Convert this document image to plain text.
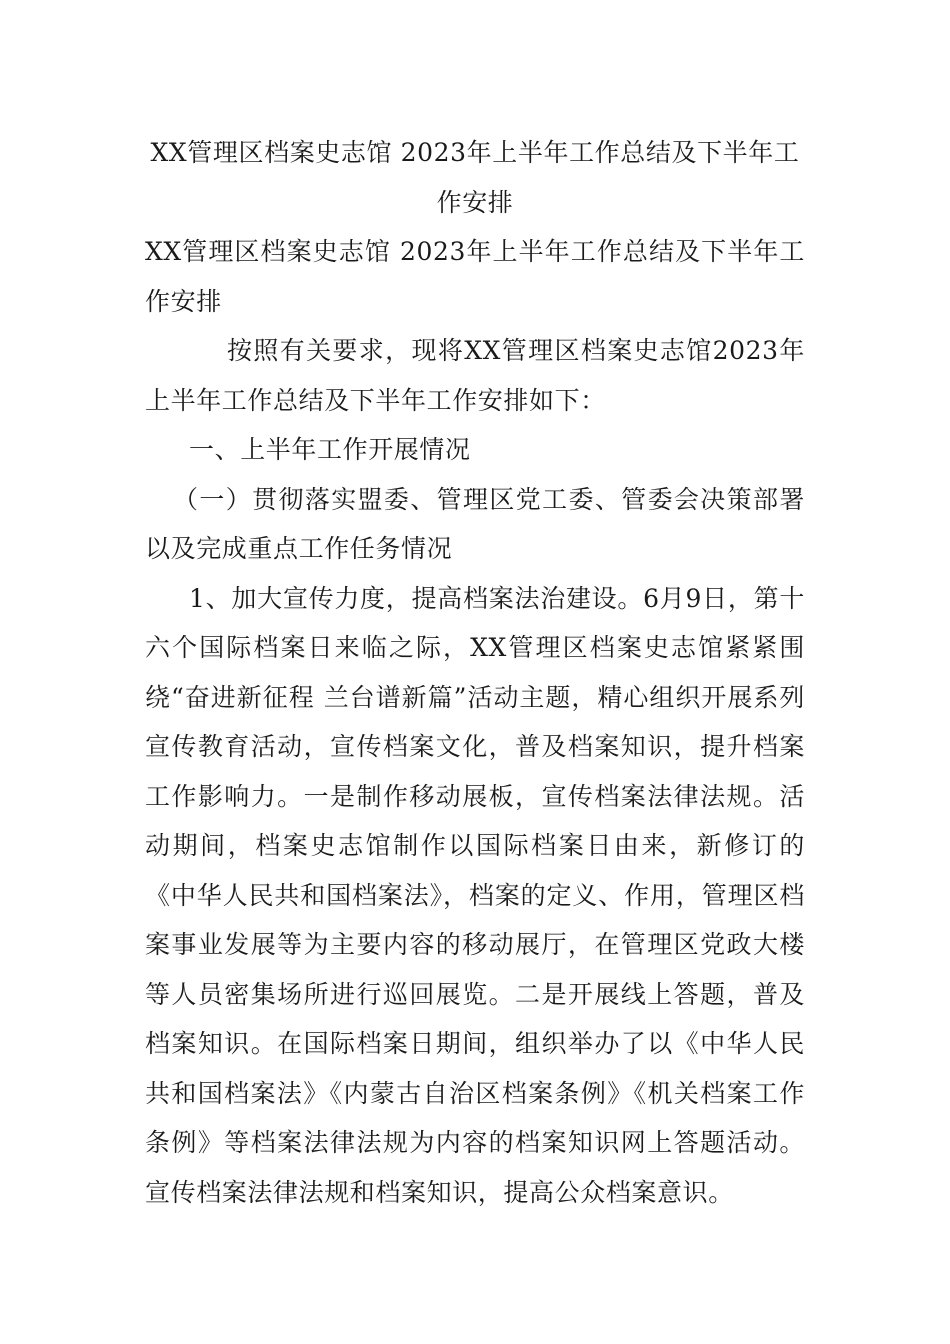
XX管理区档案史志馆 2023年上半年工作总结及下半年工作安排

XX管理区档案史志馆 2023年上半年工作总结及下半年工作安排

按照有关要求，现将XX管理区档案史志馆2023年上半年工作总结及下半年工作安排如下：

一、上半年工作开展情况

（一）贯彻落实盟委、管理区党工委、管委会决策部署以及完成重点工作任务情况

1、加大宣传力度，提高档案法治建设。6月9日，第十六个国际档案日来临之际，XX管理区档案史志馆紧紧围绕“奋进新征程 兰台谱新篇”活动主题，精心组织开展系列宣传教育活动，宣传档案文化，普及档案知识，提升档案工作影响力。一是制作移动展板，宣传档案法律法规。活动期间，档案史志馆制作以国际档案日由来，新修订的《中华人民共和国档案法》，档案的定义、作用，管理区档案事业发展等为主要内容的移动展厅，在管理区党政大楼等人员密集场所进行巡回展览。二是开展线上答题，普及档案知识。在国际档案日期间，组织举办了以《中华人民共和国档案法》《内蒙古自治区档案条例》《机关档案工作条例》等档案法律法规为内容的档案知识网上答题活动。宣传档案法律法规和档案知识，提高公众档案意识。
